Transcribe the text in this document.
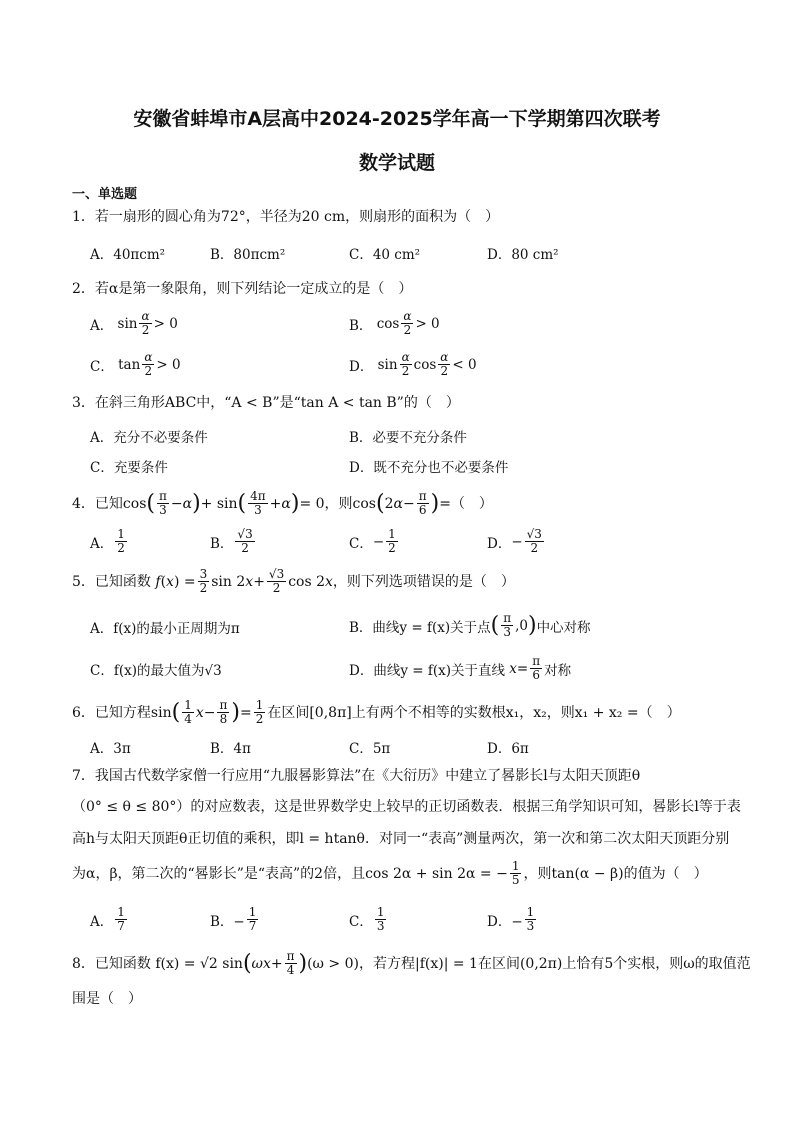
安徽省蚌埠市A层高中2024-2025学年高一下学期第四次联考
数学试题
一、单选题
1．若一扇形的圆心角为72°，半径为20 cm，则扇形的面积为（　）
A．40πcm²	B．80πcm²	C．40 cm²	D．80 cm²
2．若α是第一象限角，则下列结论一定成立的是（　）
A． $\sin \frac{\alpha}{2} > 0$	B． $\cos \frac{\alpha}{2} > 0$
C． $\tan \frac{\alpha}{2} > 0$	D． $\sin \frac{\alpha}{2}$ $\cos \frac{\alpha}{2} < 0$
3．在斜三角形ABC中，“A < B”是“tan A < tan B”的（　）
A．充分不必要条件	B．必要不充分条件
C．充要条件	D．既不充分也不必要条件
4．已知 cos ( $\frac{\pi}{3} - \alpha$ ) + sin ( $\frac{4\pi}{3} + \alpha$ ) = 0，则cos ( 2 $\alpha - \frac{\pi}{6}$ ) = （　）
A． $\frac{1}{2}$	B． $\frac{√3}{2}$	C． − $\frac{1}{2}$	D． − $\frac{√3}{2}$
5．已知函数
f ( x ) = $\frac{3}{2}$ sin 2 $x + \frac{√3}{2}$ cos 2 x ，则下列选项错误的是（　）
A．f(x)的最小正周期为π	B．曲线y = f(x)关于点 ( $\frac{\pi}{3} ,0$ ) 中心对称
C．f(x)的最大值为√3	D．曲线y = f(x)关于直线
$x = \frac{\pi}{6}$ 对称
6．已知方程 sin ( $\frac{1}{4}$ $x - \frac{\pi}{8}$ ) = $\frac{1}{2}$ 在区间[0,8π]上有两个不相等的实数根x₁，x₂，则x₁ + x₂ =（　）
A．3π	B．4π	C．5π	D．6π
7．我国古代数学家僧一行应用“九服晷影算法”在《大衍历》中建立了晷影长l与太阳天顶距θ
（0° ≤ θ ≤ 80°）的对应数表，这是世界数学史上较早的正切函数表．根据三角学知识可知，晷影长l等于表
高h与太阳天顶距θ正切值的乘积，即l = htanθ．对同一“表高”测量两次，第一次和第二次太阳天顶距分别
为α，β，第二次的“晷影长”是“表高”的2倍，且cos 2α + sin 2α = − $\frac{1}{5}$ ，则tan(α − β)的值为（　）
A． $\frac{1}{7}$	B．− $\frac{1}{7}$	C． $\frac{1}{3}$	D．− $\frac{1}{3}$
8．已知函数 f(x) = √2 sin ( ω $x + \frac{\pi}{4}$ ) (ω > 0)，若方程|f(x)| = 1在区间(0,2π)上恰有5个实根，则ω的取值范
围是（　）
